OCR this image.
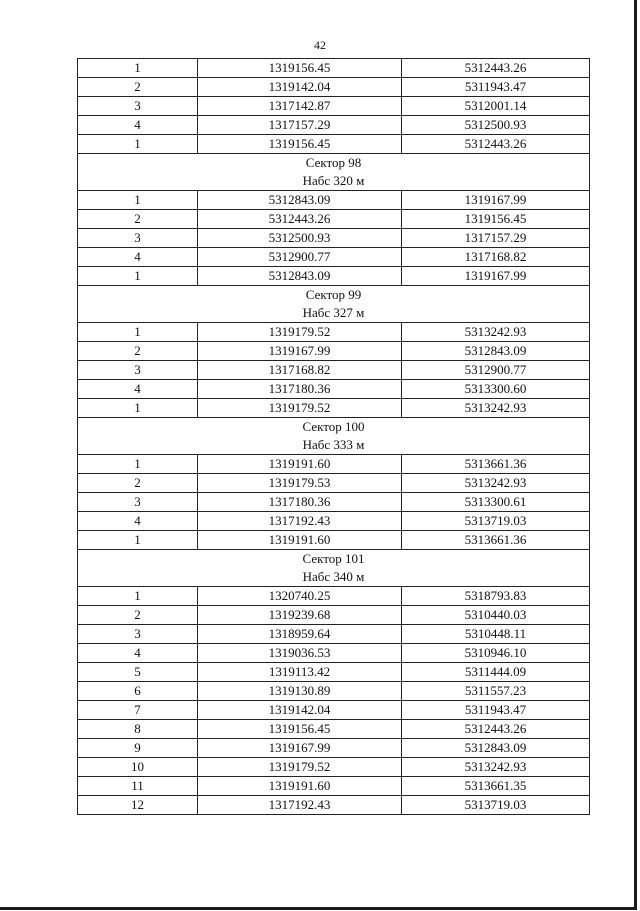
42
1	1319156.45	5312443.26
2	1319142.04	5311943.47
3	1317142.87	5312001.14
4	1317157.29	5312500.93
1	1319156.45	5312443.26

Сектор 98
Набс 320 м		

1	5312843.09	1319167.99
2	5312443.26	1319156.45
3	5312500.93	1317157.29
4	5312900.77	1317168.82
1	5312843.09	1319167.99

Сектор 99
Набс 327 м		

1	1319179.52	5313242.93
2	1319167.99	5312843.09
3	1317168.82	5312900.77
4	1317180.36	5313300.60
1	1319179.52	5313242.93

Сектор 100
Набс 333 м		

1	1319191.60	5313661.36
2	1319179.53	5313242.93
3	1317180.36	5313300.61
4	1317192.43	5313719.03
1	1319191.60	5313661.36

Сектор 101
Набс 340 м		

1	1320740.25	5318793.83
2	1319239.68	5310440.03
3	1318959.64	5310448.11
4	1319036.53	5310946.10
5	1319113.42	5311444.09
6	1319130.89	5311557.23
7	1319142.04	5311943.47
8	1319156.45	5312443.26
9	1319167.99	5312843.09
10	1319179.52	5313242.93
11	1319191.60	5313661.35
12	1317192.43	5313719.03
